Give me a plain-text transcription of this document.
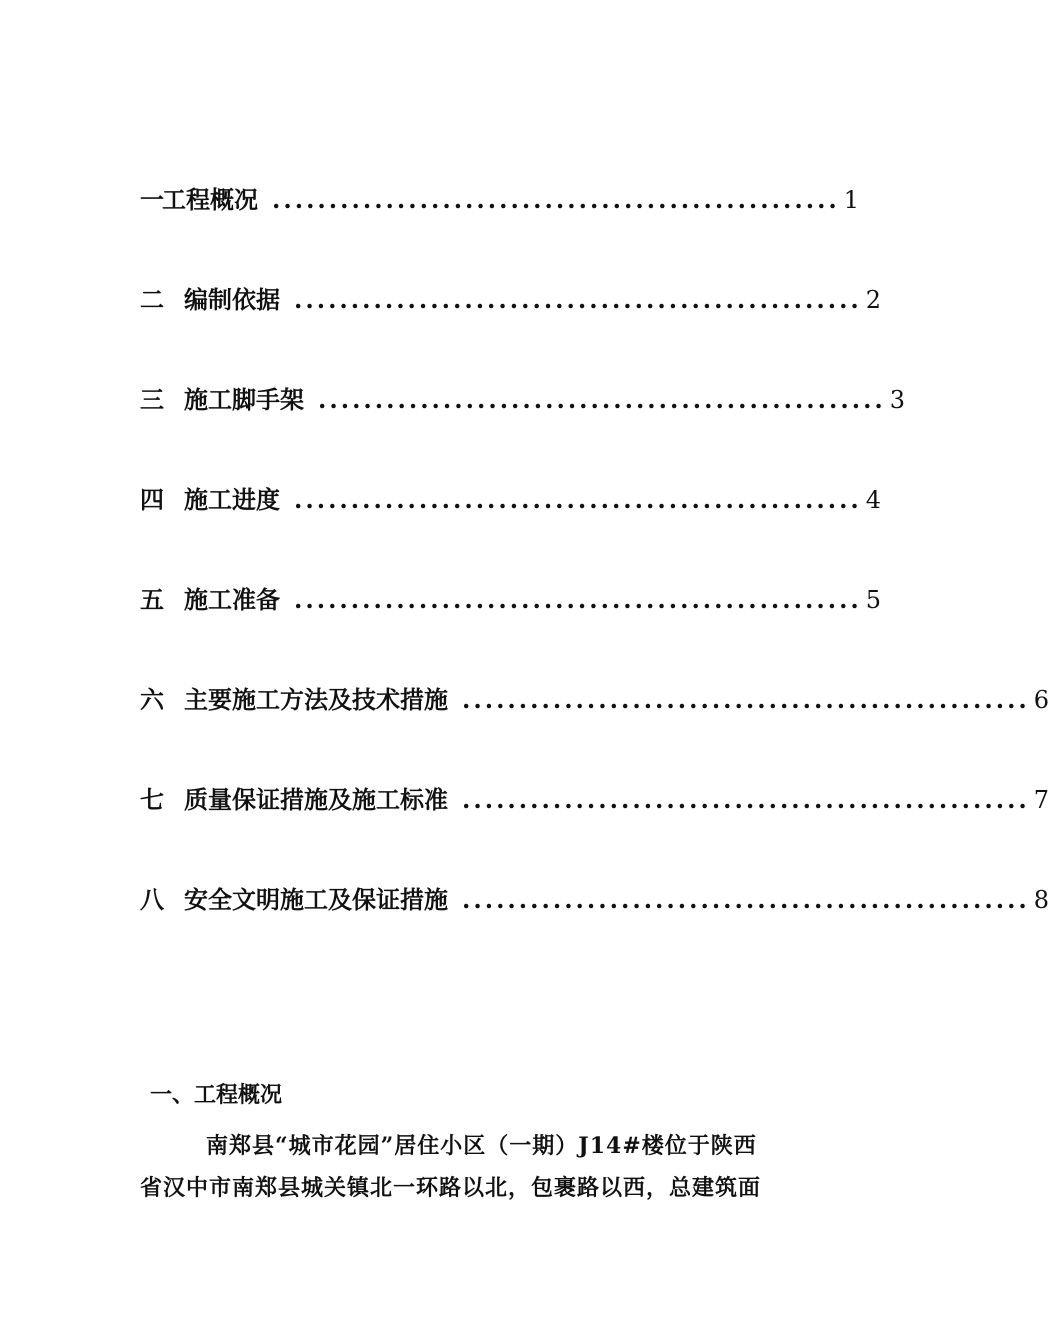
一
工程概况 .................................................. 1
二 编制依据 .................................................. 2
三 施工脚手架 .................................................. 3
四 施工进度 .................................................. 4
五 施工准备 .................................................. 5
六 主要施工方法及技术措施 .................................................. 6
七 质量保证措施及施工标准 .................................................. 7
八 安全文明施工及保证措施 .................................................. 8
一、工程概况
南郑县“城市花园”居住小区（一期）J14#楼位于陕西
省汉中市南郑县城关镇北一环路以北，包裹路以西，总建筑面
